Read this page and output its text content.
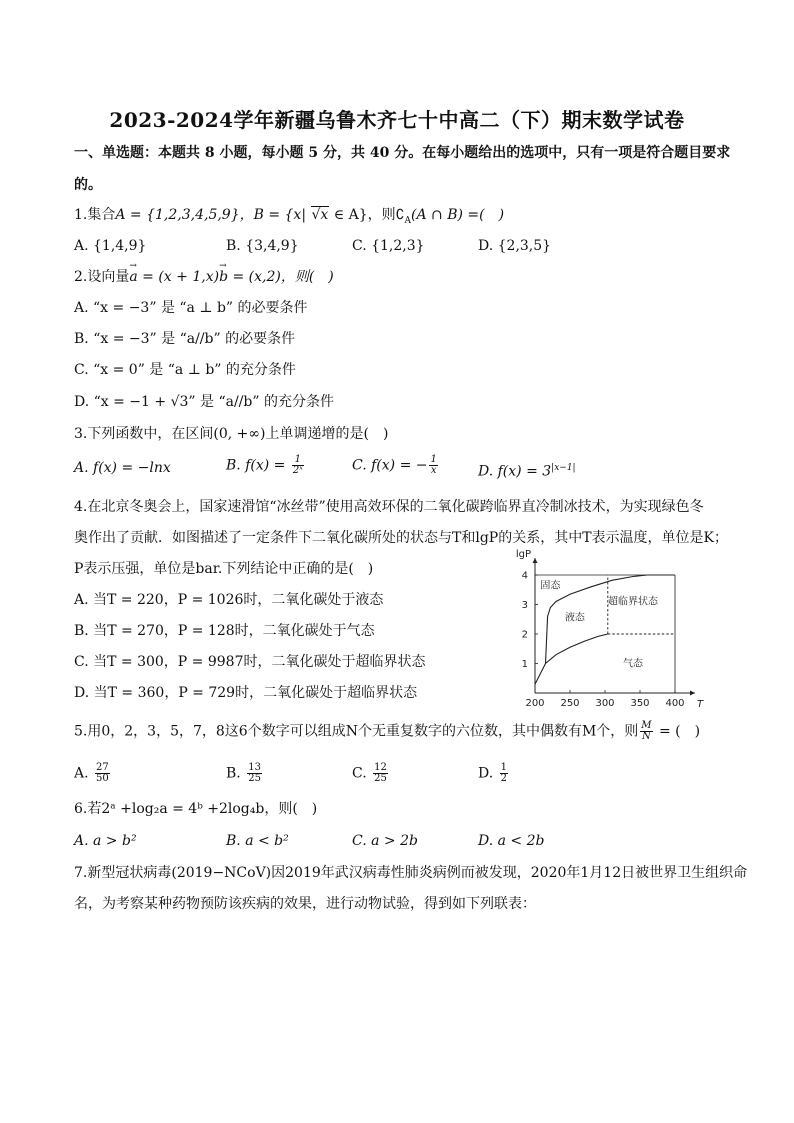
2023-2024学年新疆乌鲁木齐七十中高二（下）期末数学试卷
一、单选题：本题共 8 小题，每小题 5 分，共 40 分。在每小题给出的选项中，只有一项是符合题目要求
的。
1.集合A = {1,2,3,4,5,9}，B = {x| √x ∈ A}，则$∁_A(A$ ∩ B) =(　)
A. {1,4,9}	B. {3,4,9}	C. {1,2,3}	D. {2,3,5}
2.设向量→ a = (x + 1,x)→ b = (x,2)，则(　)
A. “x = −3” 是 “a ⊥ b” 的必要条件
B. “x = −3” 是 “a//b” 的必要条件
C. “x = 0” 是 “a ⊥ b” 的充分条件
D. “x = −1 + √3” 是 “a//b” 的充分条件
3.下列函数中，在区间(0, +∞)上单调递增的是(　)
A. f(x) = −lnx	B. $f(x) = \frac{1}{\text{2ˣ}}$	C. f(x) = − $\frac{1}{x}$	D. $f(x) = 3^{|x-1|}$
4.在北京冬奥会上，国家速滑馆“冰丝带”使用高效环保的二氧化碳跨临界直冷制冰技术，为实现绿色冬
奥作出了贡献．如图描述了一定条件下二氧化碳所处的状态与T和lgP的关系，其中T表示温度，单位是K；
P表示压强，单位是bar.下列结论中正确的是(　)
A. 当T = 220，P = 1026时，二氧化碳处于液态
B. 当T = 270，P = 128时，二氧化碳处于气态
C. 当T = 300，P = 9987时，二氧化碳处于超临界状态
D. 当T = 360，P = 729时，二氧化碳处于超临界状态
200 250 300 350 400
1
2
3
4
T
lgP
固态
液态
超临界状态
气态
5.用0，2，3，5，7，8这6个数字可以组成N个无重复数字的六位数，其中偶数有M个，则 $\frac{M}{N}$ = (　)
A. $\frac{27}{50}$	B. $\frac{13}{25}$	C. $\frac{12}{25}$	D. $\frac{1}{2}$
6.若2ᵃ +log₂a = 4ᵇ +2log₄b，则(　)
A. a > b²	B. a < b²	C. a > 2b	D. a < 2b
7.新型冠状病毒(2019−NCoV)因2019年武汉病毒性肺炎病例而被发现，2020年1月12日被世界卫生组织命
名，为考察某种药物预防该疾病的效果，进行动物试验，得到如下列联表：
